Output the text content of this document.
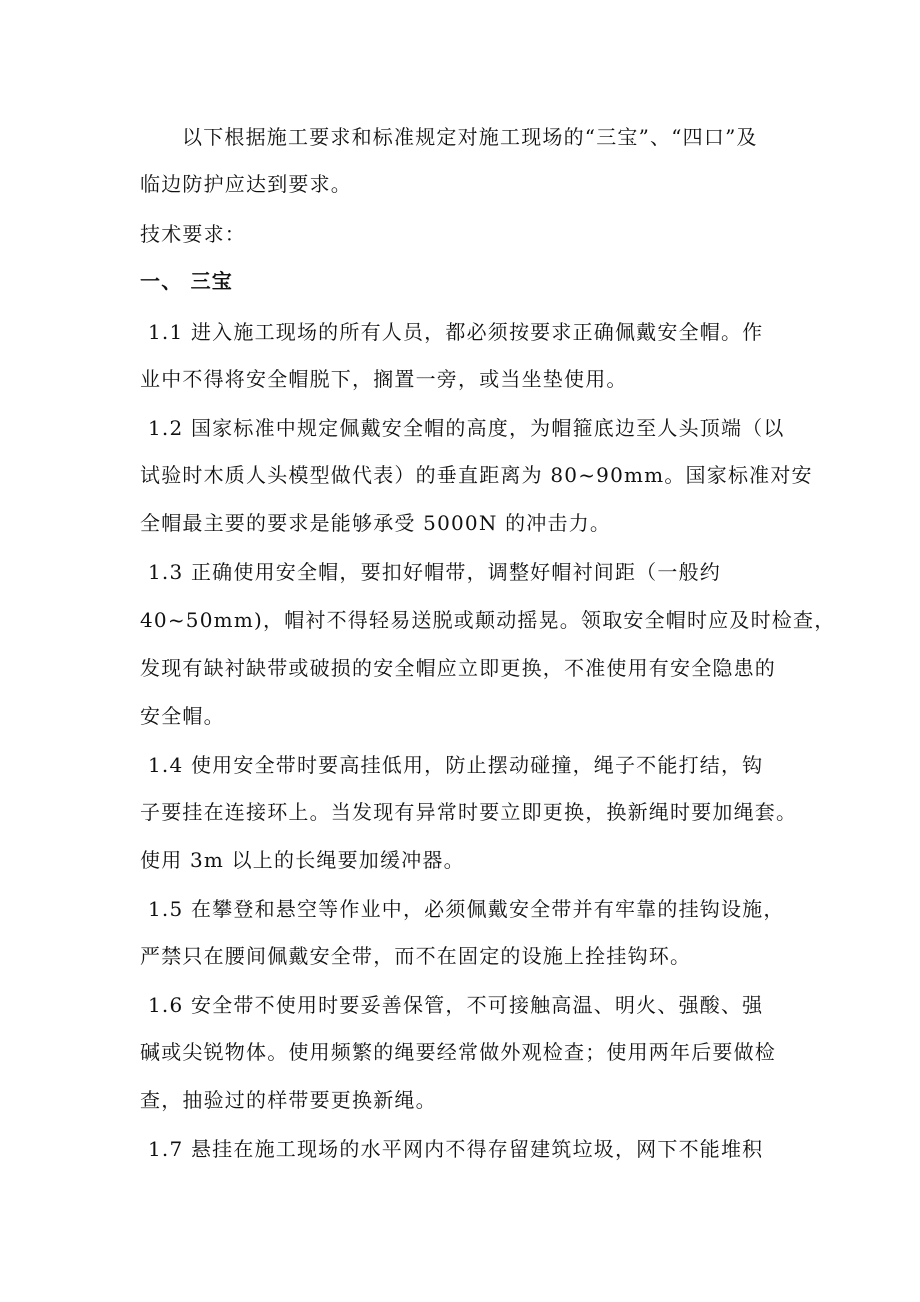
以下根据施工要求和标准规定对施工现场的“三宝”、“四口”及
临边防护应达到要求。
技术要求：
一、 三宝
1.1 进入施工现场的所有人员，都必须按要求正确佩戴安全帽。作
业中不得将安全帽脱下，搁置一旁，或当坐垫使用。
1.2 国家标准中规定佩戴安全帽的高度，为帽箍底边至人头顶端（以
试验时木质人头模型做代表）的垂直距离为 80~90mm。国家标准对安
全帽最主要的要求是能够承受 5000N 的冲击力。
1.3 正确使用安全帽，要扣好帽带，调整好帽衬间距（一般约
40~50mm)，帽衬不得轻易送脱或颠动摇晃。领取安全帽时应及时检查，
发现有缺衬缺带或破损的安全帽应立即更换，不准使用有安全隐患的
安全帽。
1.4 使用安全带时要高挂低用，防止摆动碰撞，绳子不能打结，钩
子要挂在连接环上。当发现有异常时要立即更换，换新绳时要加绳套。
使用 3m 以上的长绳要加缓冲器。
1.5 在攀登和悬空等作业中，必须佩戴安全带并有牢靠的挂钩设施，
严禁只在腰间佩戴安全带，而不在固定的设施上拴挂钩环。
1.6 安全带不使用时要妥善保管，不可接触高温、明火、强酸、强
碱或尖锐物体。使用频繁的绳要经常做外观检查；使用两年后要做检
查，抽验过的样带要更换新绳。
1.7 悬挂在施工现场的水平网内不得存留建筑垃圾，网下不能堆积
